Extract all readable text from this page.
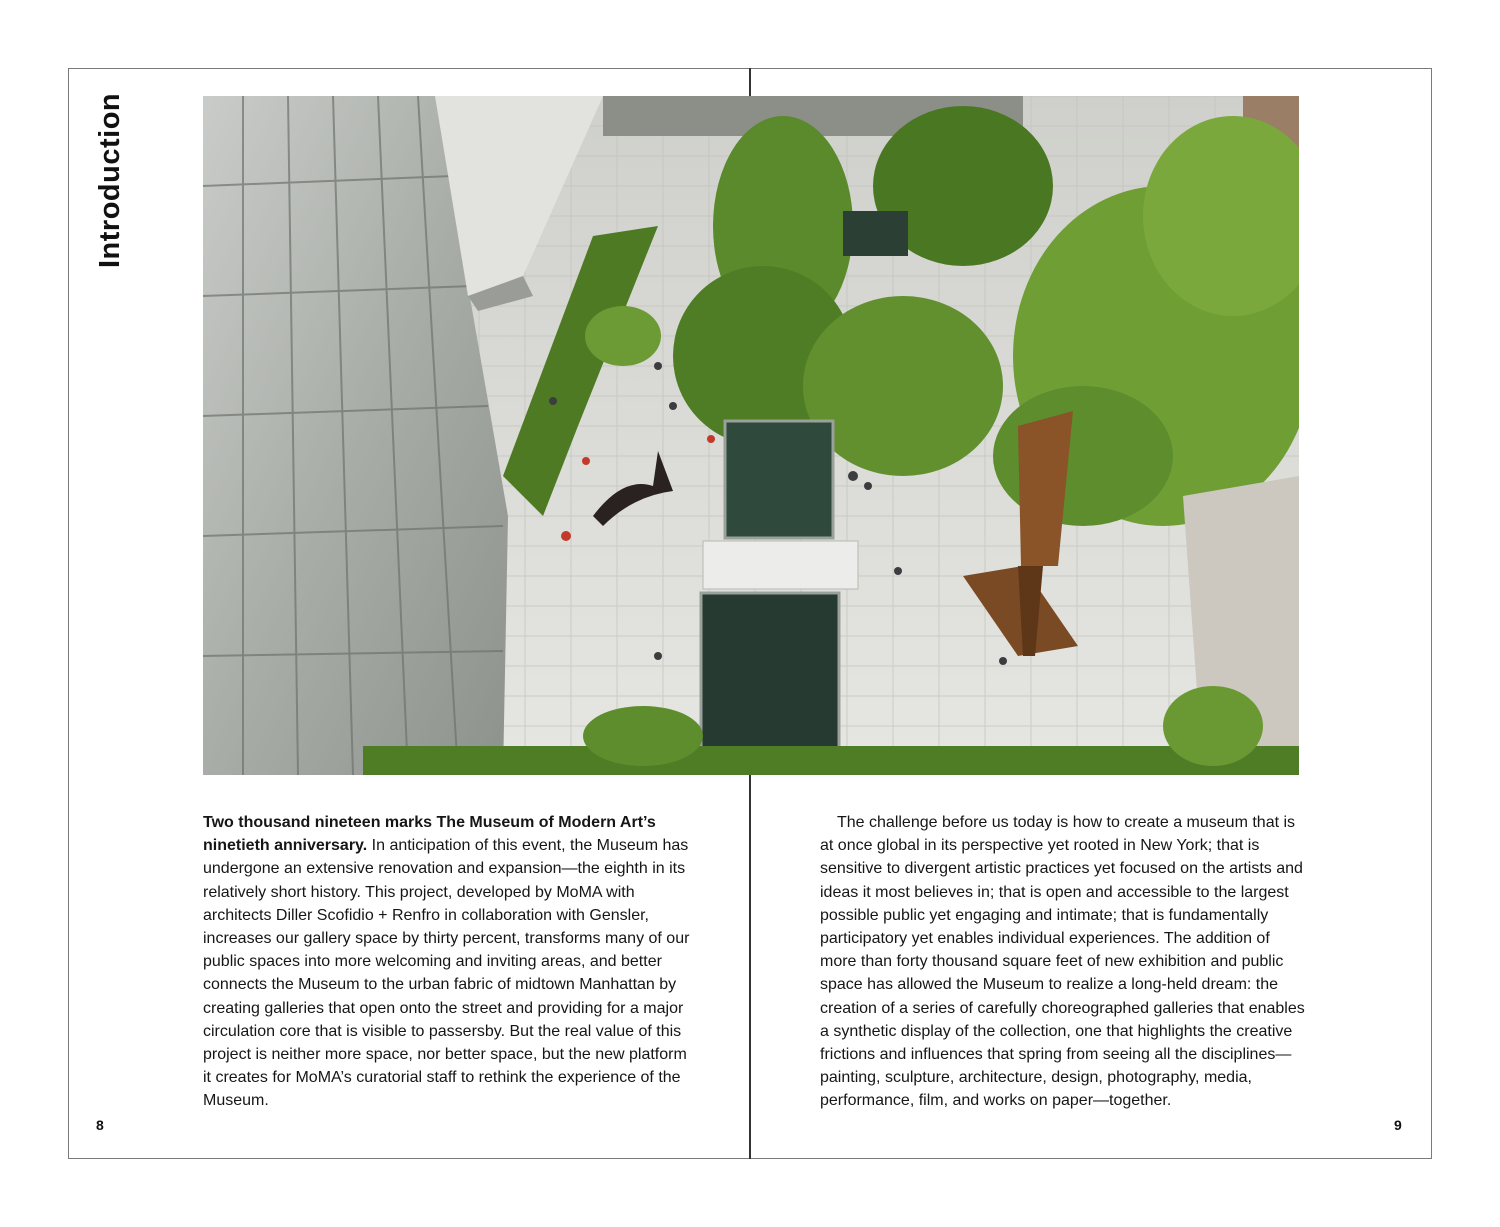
Introduction

Two thousand nineteen marks The Museum of Modern Art’s ninetieth anniversary. In anticipation of this event, the Museum has undergone an extensive renovation and expansion—the eighth in its relatively short history. This project, developed by MoMA with architects Diller Scofidio + Renfro in collaboration with Gensler, increases our gallery space by thirty percent, transforms many of our public spaces into more welcoming and inviting areas, and better connects the Museum to the urban fabric of midtown Manhattan by creating galleries that open onto the street and providing for a major circulation core that is visible to passersby. But the real value of this project is neither more space, nor better space, but the new platform it creates for MoMA’s curatorial staff to rethink the experience of the Museum.

The challenge before us today is how to create a museum that is at once global in its perspective yet rooted in New York; that is sensitive to divergent artistic practices yet focused on the artists and ideas it most believes in; that is open and accessible to the largest possible public yet engaging and intimate; that is fundamentally participatory yet enables individual experiences. The addition of more than forty thousand square feet of new exhibition and public space has allowed the Museum to realize a long-held dream: the creation of a series of carefully choreographed galleries that enables a synthetic display of the collection, one that highlights the creative frictions and influences that spring from seeing all the disciplines—painting, sculpture, architecture, design, photography, media, performance, film, and works on paper—together.

8	9
